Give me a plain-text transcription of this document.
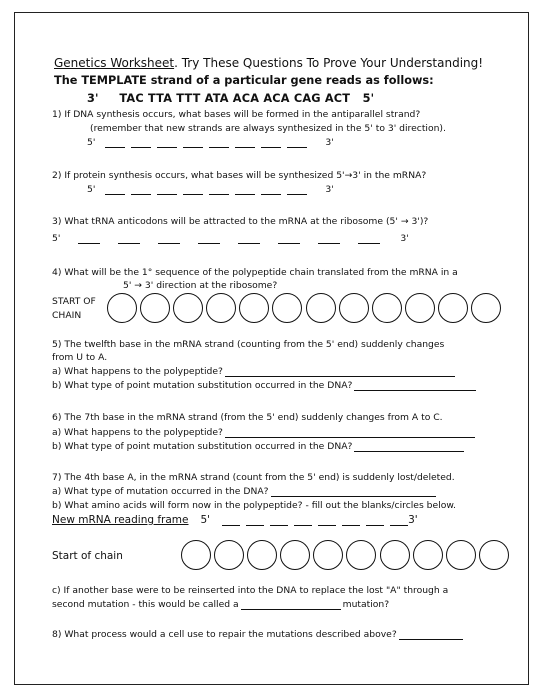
Genetics Worksheet. Try These Questions To Prove Your Understanding!
The TEMPLATE strand of a particular gene reads as follows:
3' TAC TTA TTT ATA ACA ACA CAG ACT 5'
1) If DNA synthesis occurs, what bases will be formed in the antiparallel strand?
(remember that new strands are always synthesized in the 5' to 3' direction).
5'	3'
2) If protein synthesis occurs, what bases will be synthesized 5'→3' in the mRNA?
5'	3'
3) What tRNA anticodons will be attracted to the mRNA at the ribosome (5' → 3')?
5'	3'
4) What will be the 1° sequence of the polypeptide chain translated from the mRNA in a
5' → 3' direction at the ribosome?
START OF
CHAIN

5) The twelfth base in the mRNA strand (counting from the 5' end) suddenly changes
from U to A.
a) What happens to the polypeptide?
b) What type of point mutation substitution occurred in the DNA?
6) The 7th base in the mRNA strand (from the 5' end) suddenly changes from A to C.
a) What happens to the polypeptide?
b) What type of point mutation substitution occurred in the DNA?
7) The 4th base A, in the mRNA strand (count from the 5' end) is suddenly lost/deleted.
a) What type of mutation occurred in the DNA?
b) What amino acids will form now in the polypeptide? - fill out the blanks/circles below.
New mRNA reading frame 5'	3'
Start of chain

c) If another base were to be reinserted into the DNA to replace the lost "A" through a
second mutation - this would be called a	mutation?
8) What process would a cell use to repair the mutations described above?
